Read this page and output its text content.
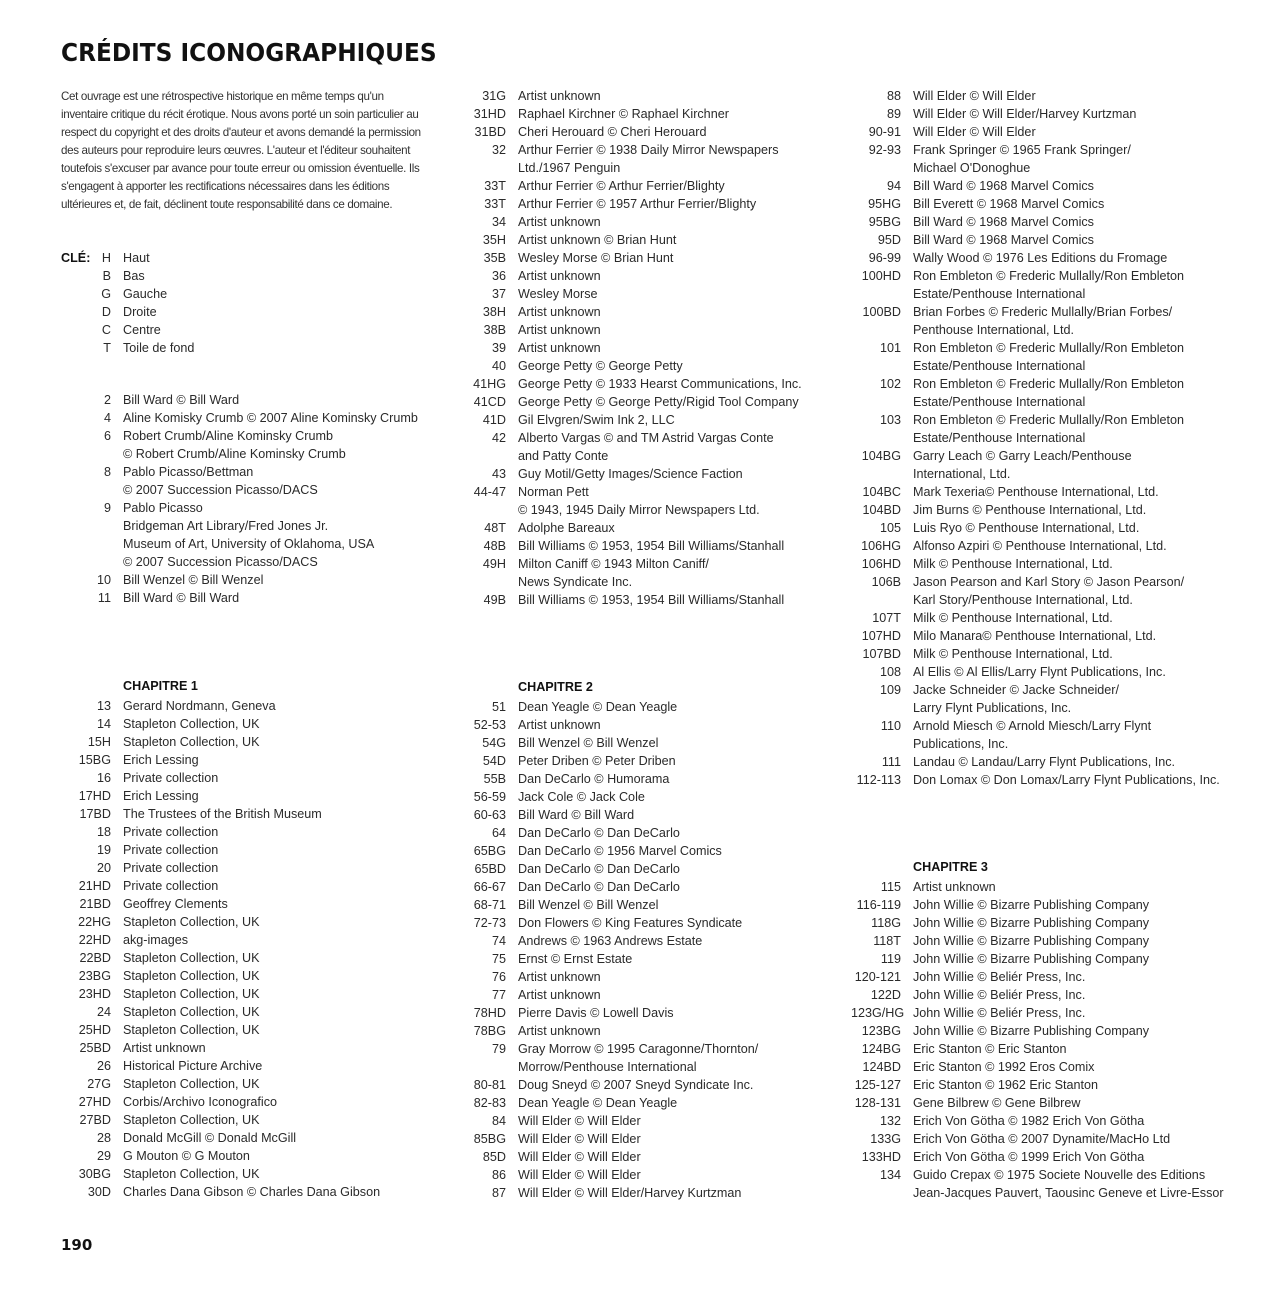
CRÉDITS ICONOGRAPHIQUES

Cet ouvrage est une rétrospective historique en même temps qu'un inventaire critique du récit érotique. Nous avons porté un soin particulier au respect du copyright et des droits d'auteur et avons demandé la permission des auteurs pour reproduire leurs œuvres. L'auteur et l'éditeur souhaitent toutefois s'excuser par avance pour toute erreur ou omission éventuelle. Ils s'engagent à apporter les rectifications nécessaires dans les éditions ultérieures et, de fait, déclinent toute responsabilité dans ce domaine.

CLÉ: H Haut
B Bas
G Gauche
D Droite
C Centre
T Toile de fond
2 Bill Ward © Bill Ward
4 Aline Komisky Crumb © 2007 Aline Kominsky Crumb
6 Robert Crumb/Aline Kominsky Crumb
© Robert Crumb/Aline Kominsky Crumb
8 Pablo Picasso/Bettman
© 2007 Succession Picasso/DACS
9 Pablo Picasso
Bridgeman Art Library/Fred Jones Jr.
Museum of Art, University of Oklahoma, USA
© 2007 Succession Picasso/DACS
10 Bill Wenzel © Bill Wenzel
11 Bill Ward © Bill Ward
CHAPITRE 1
13 Gerard Nordmann, Geneva
14 Stapleton Collection, UK
15H Stapleton Collection, UK
15BG Erich Lessing
16 Private collection
17HD Erich Lessing
17BD The Trustees of the British Museum
18 Private collection
19 Private collection
20 Private collection
21HD Private collection
21BD Geoffrey Clements
22HG Stapleton Collection, UK
22HD akg-images
22BD Stapleton Collection, UK
23BG Stapleton Collection, UK
23HD Stapleton Collection, UK
24 Stapleton Collection, UK
25HD Stapleton Collection, UK
25BD Artist unknown
26 Historical Picture Archive
27G Stapleton Collection, UK
27HD Corbis/Archivo Iconografico
27BD Stapleton Collection, UK
28 Donald McGill © Donald McGill
29 G Mouton © G Mouton
30BG Stapleton Collection, UK
30D Charles Dana Gibson © Charles Dana Gibson
31G Artist unknown
31HD Raphael Kirchner © Raphael Kirchner
31BD Cheri Herouard © Cheri Herouard
32 Arthur Ferrier © 1938 Daily Mirror Newspapers
Ltd./1967 Penguin
33T Arthur Ferrier © Arthur Ferrier/Blighty
33T Arthur Ferrier © 1957 Arthur Ferrier/Blighty
34 Artist unknown
35H Artist unknown © Brian Hunt
35B Wesley Morse © Brian Hunt
36 Artist unknown
37 Wesley Morse
38H Artist unknown
38B Artist unknown
39 Artist unknown
40 George Petty © George Petty
41HG George Petty © 1933 Hearst Communications, Inc.
41CD George Petty © George Petty/Rigid Tool Company
41D Gil Elvgren/Swim Ink 2, LLC
42 Alberto Vargas © and TM Astrid Vargas Conte
and Patty Conte
43 Guy Motil/Getty Images/Science Faction
44-47 Norman Pett
© 1943, 1945 Daily Mirror Newspapers Ltd.
48T Adolphe Bareaux
48B Bill Williams © 1953, 1954 Bill Williams/Stanhall
49H Milton Caniff © 1943 Milton Caniff/
News Syndicate Inc.
49B Bill Williams © 1953, 1954 Bill Williams/Stanhall
CHAPITRE 2
51 Dean Yeagle © Dean Yeagle
52-53 Artist unknown
54G Bill Wenzel © Bill Wenzel
54D Peter Driben © Peter Driben
55B Dan DeCarlo © Humorama
56-59 Jack Cole © Jack Cole
60-63 Bill Ward © Bill Ward
64 Dan DeCarlo © Dan DeCarlo
65BG Dan DeCarlo © 1956 Marvel Comics
65BD Dan DeCarlo © Dan DeCarlo
66-67 Dan DeCarlo © Dan DeCarlo
68-71 Bill Wenzel © Bill Wenzel
72-73 Don Flowers © King Features Syndicate
74 Andrews © 1963 Andrews Estate
75 Ernst © Ernst Estate
76 Artist unknown
77 Artist unknown
78HD Pierre Davis © Lowell Davis
78BG Artist unknown
79 Gray Morrow © 1995 Caragonne/Thornton/
Morrow/Penthouse International
80-81 Doug Sneyd © 2007 Sneyd Syndicate Inc.
82-83 Dean Yeagle © Dean Yeagle
84 Will Elder © Will Elder
85BG Will Elder © Will Elder
85D Will Elder © Will Elder
86 Will Elder © Will Elder
87 Will Elder © Will Elder/Harvey Kurtzman
88 Will Elder © Will Elder
89 Will Elder © Will Elder/Harvey Kurtzman
90-91 Will Elder © Will Elder
92-93 Frank Springer © 1965 Frank Springer/
Michael O'Donoghue
94 Bill Ward © 1968 Marvel Comics
95HG Bill Everett © 1968 Marvel Comics
95BG Bill Ward © 1968 Marvel Comics
95D Bill Ward © 1968 Marvel Comics
96-99 Wally Wood © 1976 Les Editions du Fromage
100HD Ron Embleton © Frederic Mullally/Ron Embleton
Estate/Penthouse International
100BD Brian Forbes © Frederic Mullally/Brian Forbes/
Penthouse International, Ltd.
101 Ron Embleton © Frederic Mullally/Ron Embleton
Estate/Penthouse International
102 Ron Embleton © Frederic Mullally/Ron Embleton
Estate/Penthouse International
103 Ron Embleton © Frederic Mullally/Ron Embleton
Estate/Penthouse International
104BG Garry Leach © Garry Leach/Penthouse
International, Ltd.
104BC Mark Texeria© Penthouse International, Ltd.
104BD Jim Burns © Penthouse International, Ltd.
105 Luis Ryo © Penthouse International, Ltd.
106HG Alfonso Azpiri © Penthouse International, Ltd.
106HD Milk © Penthouse International, Ltd.
106B Jason Pearson and Karl Story © Jason Pearson/
Karl Story/Penthouse International, Ltd.
107T Milk © Penthouse International, Ltd.
107HD Milo Manara© Penthouse International, Ltd.
107BD Milk © Penthouse International, Ltd.
108 Al Ellis © Al Ellis/Larry Flynt Publications, Inc.
109 Jacke Schneider © Jacke Schneider/
Larry Flynt Publications, Inc.
110 Arnold Miesch © Arnold Miesch/Larry Flynt
Publications, Inc.
111 Landau © Landau/Larry Flynt Publications, Inc.
112-113 Don Lomax © Don Lomax/Larry Flynt Publications, Inc.
CHAPITRE 3
115 Artist unknown
116-119 John Willie © Bizarre Publishing Company
118G John Willie © Bizarre Publishing Company
118T John Willie © Bizarre Publishing Company
119 John Willie © Bizarre Publishing Company
120-121 John Willie © Beliér Press, Inc.
122D John Willie © Beliér Press, Inc.
123G/HG John Willie © Beliér Press, Inc.
123BG John Willie © Bizarre Publishing Company
124BG Eric Stanton © Eric Stanton
124BD Eric Stanton © 1992 Eros Comix
125-127 Eric Stanton © 1962 Eric Stanton
128-131 Gene Bilbrew © Gene Bilbrew
132 Erich Von Götha © 1982 Erich Von Götha
133G Erich Von Götha © 2007 Dynamite/MacHo Ltd
133HD Erich Von Götha © 1999 Erich Von Götha
134 Guido Crepax © 1975 Societe Nouvelle des Editions
Jean-Jacques Pauvert, Taousinc Geneve et Livre-Essor
190
